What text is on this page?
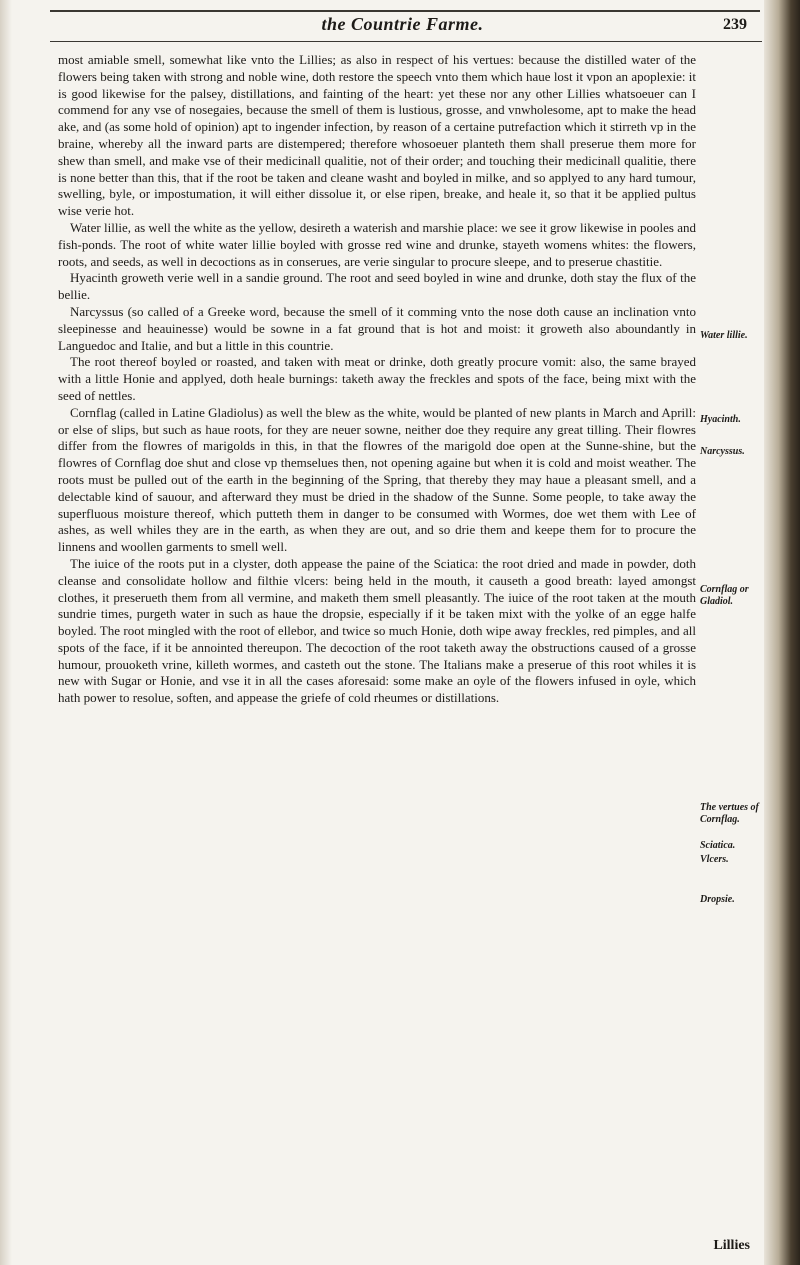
the Countrie Farme.	239

most amiable smell, somewhat like vnto the Lillies; as also in respect of his vertues: because the distilled water of the flowers being taken with strong and noble wine, doth restore the speech vnto them which haue lost it vpon an apoplexie: it is good likewise for the palsey, distillations, and fainting of the heart: yet these nor any other Lillies whatsoeuer can I commend for any vse of nosegaies, because the smell of them is lustious, grosse, and vnwholesome, apt to make the head ake, and (as some hold of opinion) apt to ingender infection, by reason of a certaine putrefaction which it stirreth vp in the braine, whereby all the inward parts are distempered; therefore whosoeuer planteth them shall preserue them more for shew than smell, and make vse of their medicinall qualitie, not of their order; and touching their medicinall qualitie, there is none better than this, that if the root be taken and cleane washt and boyled in milke, and so applyed to any hard tumour, swelling, byle, or impostumation, it will either dissolue it, or else ripen, breake, and heale it, so that it be applied pultus wise verie hot.

Water lillie, as well the white as the yellow, desireth a waterish and marshie place: we see it grow likewise in pooles and fish-ponds. The root of white water lillie boyled with grosse red wine and drunke, stayeth womens whites: the flowers, roots, and seeds, as well in decoctions as in conserues, are verie singular to procure sleepe, and to preserue chastitie.

Hyacinth groweth verie well in a sandie ground. The root and seed boyled in wine and drunke, doth stay the flux of the bellie.

Narcyssus (so called of a Greeke word, because the smell of it comming vnto the nose doth cause an inclination vnto sleepinesse and heauinesse) would be sowne in a fat ground that is hot and moist: it groweth also aboundantly in Languedoc and Italie, and but a little in this countrie.

The root thereof boyled or roasted, and taken with meat or drinke, doth greatly procure vomit: also, the same brayed with a little Honie and applyed, doth heale burnings: taketh away the freckles and spots of the face, being mixt with the seed of nettles.

Cornflag (called in Latine Gladiolus) as well the blew as the white, would be planted of new plants in March and Aprill: or else of slips, but such as haue roots, for they are neuer sowne, neither doe they require any great tilling. Their flowres differ from the flowres of marigolds in this, in that the flowres of the marigold doe open at the Sunne-shine, but the flowres of Cornflag doe shut and close vp themselues then, not opening againe but when it is cold and moist weather. The roots must be pulled out of the earth in the beginning of the Spring, that thereby they may haue a pleasant smell, and a delectable kind of sauour, and afterward they must be dried in the shadow of the Sunne. Some people, to take away the superfluous moisture thereof, which putteth them in danger to be consumed with Wormes, doe wet them with Lee of ashes, as well whiles they are in the earth, as when they are out, and so drie them and keepe them for to procure the linnens and woollen garments to smell well.

The iuice of the roots put in a clyster, doth appease the paine of the Sciatica: the root dried and made in powder, doth cleanse and consolidate hollow and filthie vlcers: being held in the mouth, it causeth a good breath: layed amongst clothes, it preserueth them from all vermine, and maketh them smell pleasantly. The iuice of the root taken at the mouth sundrie times, purgeth water in such as haue the dropsie, especially if it be taken mixt with the yolke of an egge halfe boyled. The root mingled with the root of ellebor, and twice so much Honie, doth wipe away freckles, red pimples, and all spots of the face, if it be annointed thereupon. The decoction of the root taketh away the obstructions caused of a grosse humour, prouoketh vrine, killeth wormes, and casteth out the stone. The Italians make a preserue of this root whiles it is new with Sugar or Honie, and vse it in all the cases aforesaid: some make an oyle of the flowers infused in oyle, which hath power to resolue, soften, and appease the griefe of cold rheumes or distillations.

Water lillie.
Hyacinth.
Narcyssus.
Cornflag or Gladiol.
The vertues of Cornflag.
Sciatica.
Vlcers.
Dropsie.
Lillies
